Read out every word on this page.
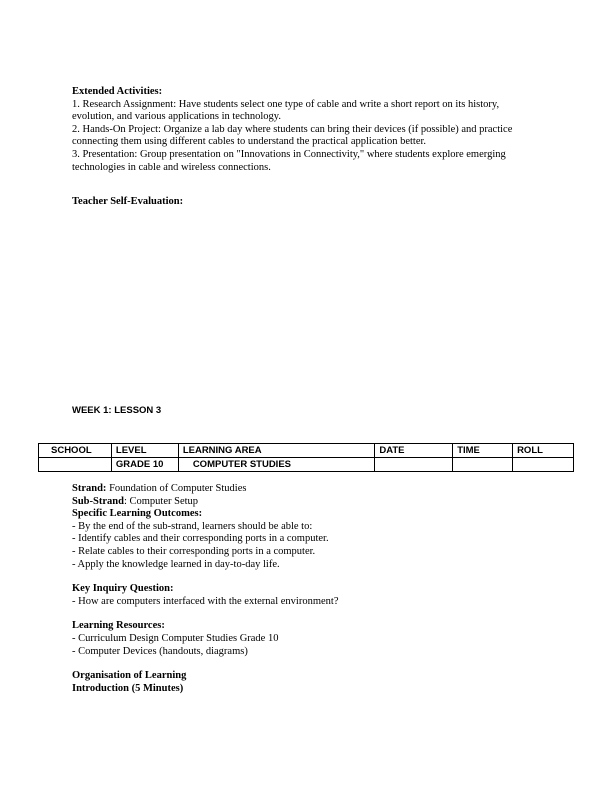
Extended Activities:
1. Research Assignment: Have students select one type of cable and write a short report on its history, evolution, and various applications in technology.
2. Hands-On Project: Organize a lab day where students can bring their devices (if possible) and practice connecting them using different cables to understand the practical application better.
3. Presentation: Group presentation on "Innovations in Connectivity," where students explore emerging technologies in cable and wireless connections.
Teacher Self-Evaluation:
WEEK 1: LESSON 3
SCHOOL	LEVEL	LEARNING AREA	DATE	TIME	ROLL
	GRADE 10	COMPUTER STUDIES			
Strand: Foundation of Computer Studies
Sub-Strand: Computer Setup
Specific Learning Outcomes:
- By the end of the sub-strand, learners should be able to:
- Identify cables and their corresponding ports in a computer.
- Relate cables to their corresponding ports in a computer.
- Apply the knowledge learned in day-to-day life.
Key Inquiry Question:
- How are computers interfaced with the external environment?
Learning Resources:
- Curriculum Design Computer Studies Grade 10
- Computer Devices (handouts, diagrams)
Organisation of Learning
Introduction (5 Minutes)
